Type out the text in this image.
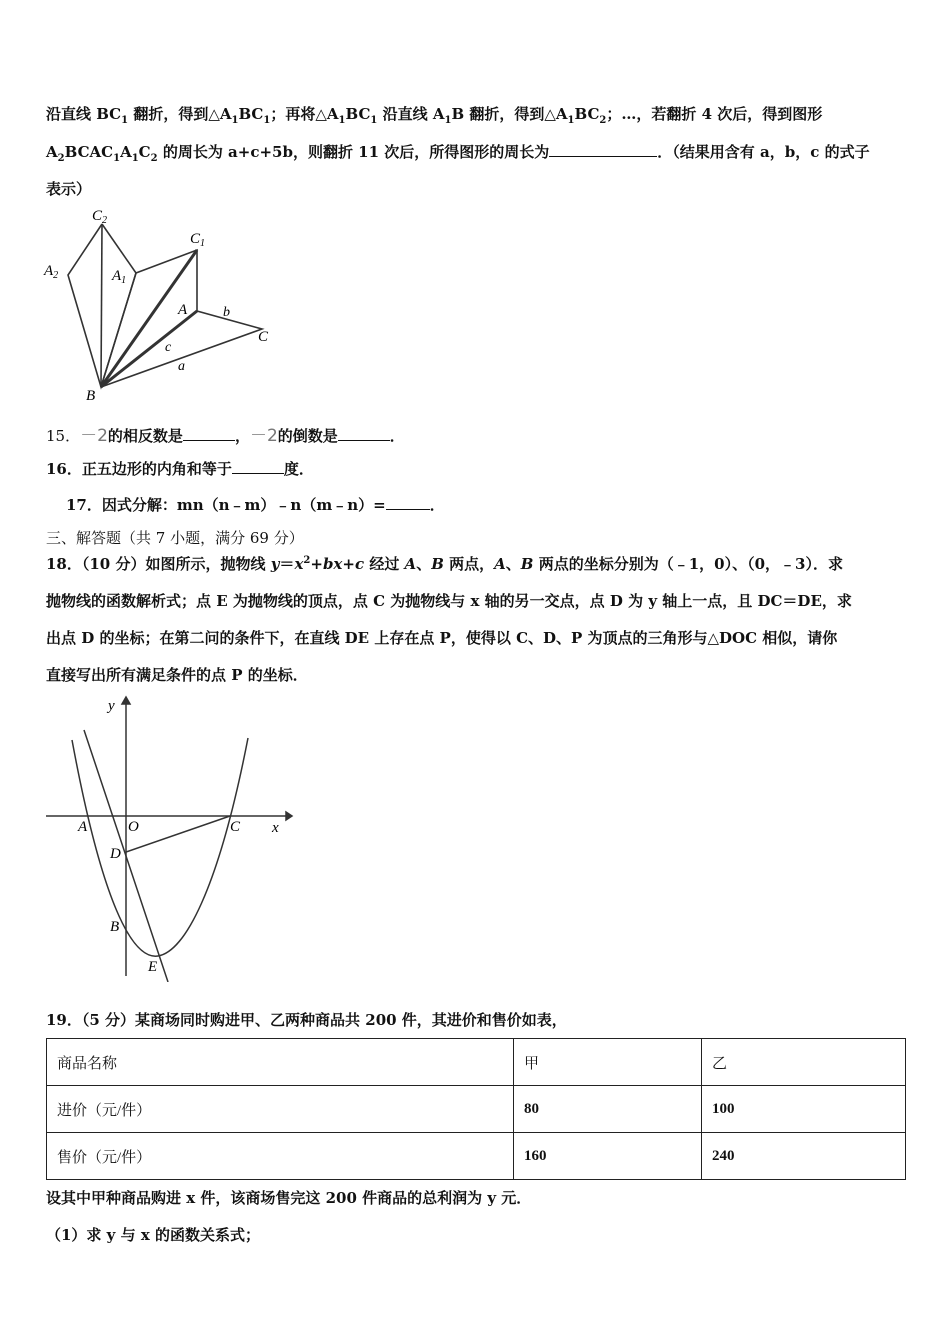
沿直线 $BC_1$ 翻折，得到$\triangle A_1BC_1$；再将$\triangle A_1BC_1$ 沿直线 $A_1B$ 翻折，得到$\triangle A_1BC_2$；…，若翻折 4 次后，得到图形
$A_2BCAC_1A_1C_2$ 的周长为 a+c+5b，则翻折 11 次后，所得图形的周长为	．（结果用含有 a，b，c 的式子
表示）
$C_2$
$A_2$	$A_1$
$C_1$
A	b
C
c
a
B
15．－2的相反数是	，－2的倒数是	．
16．正五边形的内角和等于	度．
17．因式分解：mn（n﹣m）﹣n（m﹣n）=	．
三、解答题（共 7 小题，满分 69 分）
18．（10 分）如图所示，抛物线 $y=x^2+bx+c$ 经过 A、B 两点，A、B 两点的坐标分别为（﹣1，0）、（0，﹣3）．求
抛物线的函数解析式；点 E 为抛物线的顶点，点 C 为抛物线与 x 轴的另一交点，点 D 为 y 轴上一点，且 DC＝DE，求
出点 D 的坐标；在第二问的条件下，在直线 DE 上存在点 P，使得以 C、D、P 为顶点的三角形与△DOC 相似，请你
直接写出所有满足条件的点 P 的坐标．
y
x
A	O	C
D
B
E
19．（5 分）某商场同时购进甲、乙两种商品共 200 件，其进价和售价如表，
商品名称	甲	乙
进价（元/件）	80	100
售价（元/件）	160	240
设其中甲种商品购进 x 件，该商场售完这 200 件商品的总利润为 y 元．
（1）求 y 与 x 的函数关系式；
